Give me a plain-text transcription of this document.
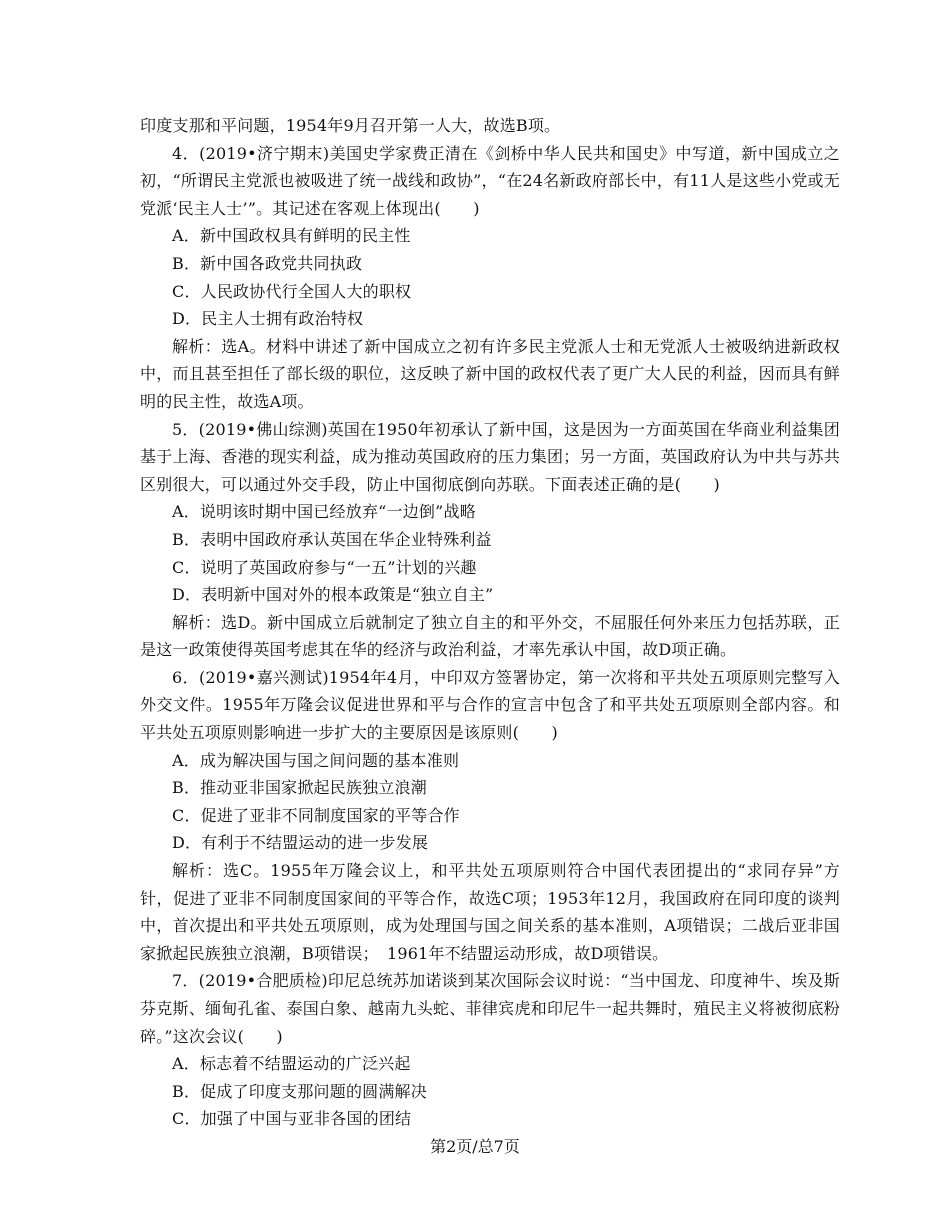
印度支那和平问题，1954年9月召开第一人大，故选B项。

4．(2019•济宁期末)美国史学家费正清在《剑桥中华人民共和国史》中写道，新中国成立之初，“所谓民主党派也被吸进了统一战线和政协”，“在24名新政府部长中，有11人是这些小党或无党派‘民主人士’”。其记述在客观上体现出(　　)

A．新中国政权具有鲜明的民主性

B．新中国各政党共同执政

C．人民政协代行全国人大的职权

D．民主人士拥有政治特权

解析：选A。材料中讲述了新中国成立之初有许多民主党派人士和无党派人士被吸纳进新政权中，而且甚至担任了部长级的职位，这反映了新中国的政权代表了更广大人民的利益，因而具有鲜明的民主性，故选A项。

5．(2019•佛山综测)英国在1950年初承认了新中国，这是因为一方面英国在华商业利益集团基于上海、香港的现实利益，成为推动英国政府的压力集团；另一方面，英国政府认为中共与苏共区别很大，可以通过外交手段，防止中国彻底倒向苏联。下面表述正确的是(　　)

A．说明该时期中国已经放弃“一边倒”战略

B．表明中国政府承认英国在华企业特殊利益

C．说明了英国政府参与“一五”计划的兴趣

D．表明新中国对外的根本政策是“独立自主”

解析：选D。新中国成立后就制定了独立自主的和平外交，不屈服任何外来压力包括苏联，正是这一政策使得英国考虑其在华的经济与政治利益，才率先承认中国，故D项正确。

6．(2019•嘉兴测试)1954年4月，中印双方签署协定，第一次将和平共处五项原则完整写入外交文件。1955年万隆会议促进世界和平与合作的宣言中包含了和平共处五项原则全部内容。和平共处五项原则影响进一步扩大的主要原因是该原则(　　)

A．成为解决国与国之间问题的基本准则

B．推动亚非国家掀起民族独立浪潮

C．促进了亚非不同制度国家的平等合作

D．有利于不结盟运动的进一步发展

解析：选C。1955年万隆会议上，和平共处五项原则符合中国代表团提出的“求同存异”方针，促进了亚非不同制度国家间的平等合作，故选C项；1953年12月，我国政府在同印度的谈判中，首次提出和平共处五项原则，成为处理国与国之间关系的基本准则，A项错误；二战后亚非国家掀起民族独立浪潮，B项错误；　1961年不结盟运动形成，故D项错误。

7．(2019•合肥质检)印尼总统苏加诺谈到某次国际会议时说：“当中国龙、印度神牛、埃及斯芬克斯、缅甸孔雀、泰国白象、越南九头蛇、菲律宾虎和印尼牛一起共舞时，殖民主义将被彻底粉碎。”这次会议(　　)

A．标志着不结盟运动的广泛兴起

B．促成了印度支那问题的圆满解决

C．加强了中国与亚非各国的团结

第2页/总7页
